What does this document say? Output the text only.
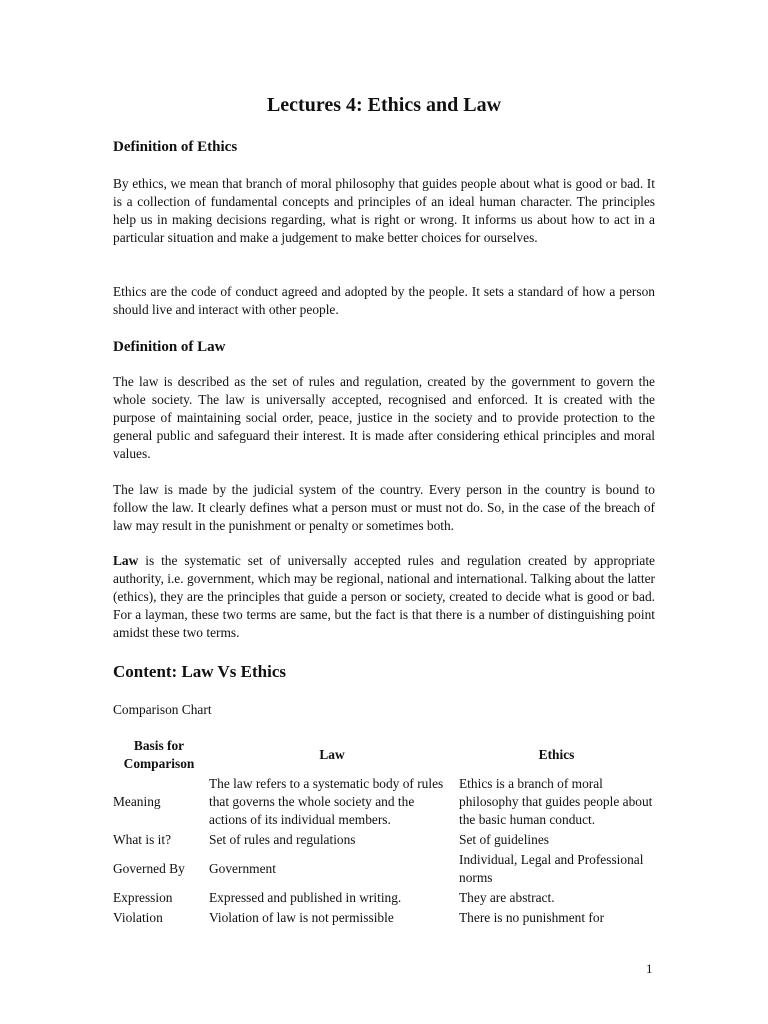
Lectures 4: Ethics and Law
Definition of Ethics

By ethics, we mean that branch of moral philosophy that guides people about what is good or bad. It is a collection of fundamental concepts and principles of an ideal human character. The principles help us in making decisions regarding, what is right or wrong. It informs us about how to act in a particular situation and make a judgement to make better choices for ourselves.

Ethics are the code of conduct agreed and adopted by the people. It sets a standard of how a person should live and interact with other people.

Definition of Law

The law is described as the set of rules and regulation, created by the government to govern the whole society. The law is universally accepted, recognised and enforced. It is created with the purpose of maintaining social order, peace, justice in the society and to provide protection to the general public and safeguard their interest. It is made after considering ethical principles and moral values.

The law is made by the judicial system of the country. Every person in the country is bound to follow the law. It clearly defines what a person must or must not do. So, in the case of the breach of law may result in the punishment or penalty or sometimes both.

Law is the systematic set of universally accepted rules and regulation created by appropriate authority, i.e. government, which may be regional, national and international. Talking about the latter (ethics), they are the principles that guide a person or society, created to decide what is good or bad. For a layman, these two terms are same, but the fact is that there is a number of distinguishing point amidst these two terms.

Content: Law Vs Ethics
Comparison Chart
Basis for Comparison	Law	Ethics
Meaning	The law refers to a systematic body of rules that governs the whole society and the actions of its individual members.	Ethics is a branch of moral philosophy that guides people about the basic human conduct.
What is it?	Set of rules and regulations	Set of guidelines
Governed By	Government	Individual, Legal and Professional norms
Expression	Expressed and published in writing.	They are abstract.
Violation	Violation of law is not permissible	There is no punishment for
1
